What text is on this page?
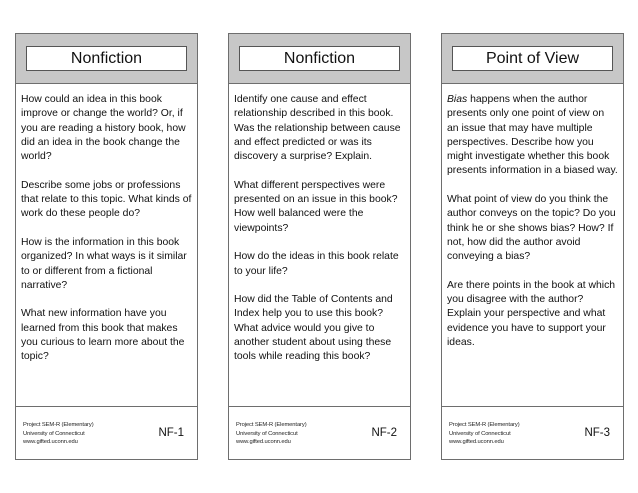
Nonfiction

How could an idea in this book improve or change the world? Or, if you are reading a history book, how did an idea in the book change the world?

Describe some jobs or professions that relate to this topic. What kinds of work do these people do?

How is the information in this book organized? In what ways is it similar to or different from a fictional narrative?

What new information have you learned from this book that makes you curious to learn more about the topic?

Project SEM-R (Elementary)
University of Connecticut
www.gifted.uconn.edu
NF-1
Nonfiction

Identify one cause and effect relationship described in this book. Was the relationship between cause and effect predicted or was its discovery a surprise? Explain.

What different perspectives were presented on an issue in this book? How well balanced were the viewpoints?

How do the ideas in this book relate to your life?

How did the Table of Contents and Index help you to use this book? What advice would you give to another student about using these tools while reading this book?

Project SEM-R (Elementary)
University of Connecticut
www.gifted.uconn.edu
NF-2
Point of View

Bias happens when the author presents only one point of view on an issue that may have multiple perspectives. Describe how you might investigate whether this book presents information in a biased way.

What point of view do you think the author conveys on the topic? Do you think he or she shows bias? How? If not, how did the author avoid conveying a bias?

Are there points in the book at which you disagree with the author? Explain your perspective and what evidence you have to support your ideas.

Project SEM-R (Elementary)
University of Connecticut
www.gifted.uconn.edu
NF-3
